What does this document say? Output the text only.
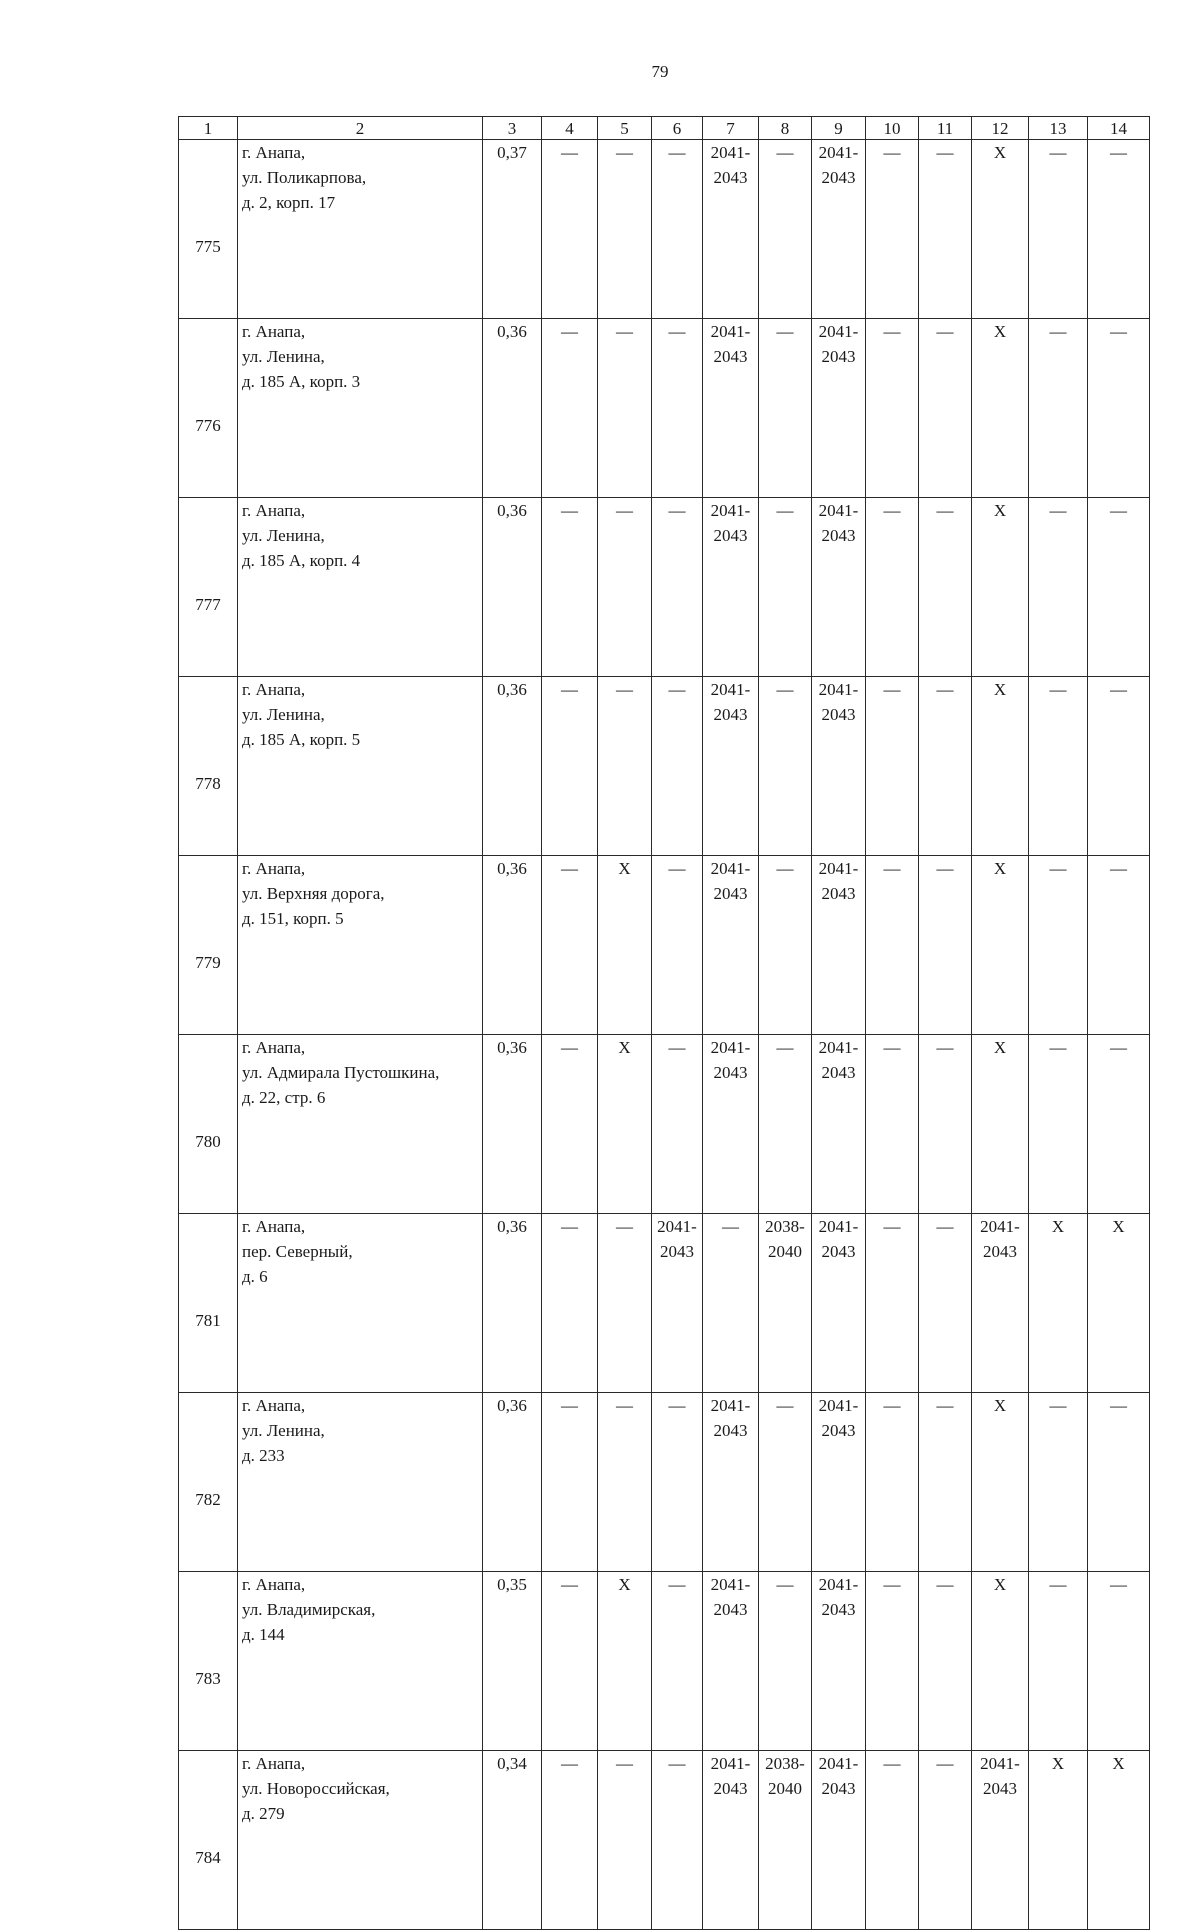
79
1	2	3	4	5	6	7	8	9	10	11	12	13	14
775	г. Анапа,
ул. Поликарпова,
д. 2, корп. 17	0,37	—	—	—	2041-
2043	—	2041-
2043	—	—	Х	—	—

776	г. Анапа,
ул. Ленина,
д. 185 А, корп. 3	0,36	—	—	—	2041-
2043	—	2041-
2043	—	—	Х	—	—

777	г. Анапа,
ул. Ленина,
д. 185 А, корп. 4	0,36	—	—	—	2041-
2043	—	2041-
2043	—	—	Х	—	—

778	г. Анапа,
ул. Ленина,
д. 185 А, корп. 5	0,36	—	—	—	2041-
2043	—	2041-
2043	—	—	Х	—	—

779	г. Анапа,
ул. Верхняя дорога,
д. 151, корп. 5	0,36	—	Х	—	2041-
2043	—	2041-
2043	—	—	Х	—	—

780	г. Анапа,
ул. Адмирала Пустошкина,
д. 22, стр. 6	0,36	—	Х	—	2041-
2043	—	2041-
2043	—	—	Х	—	—

781	г. Анапа,
пер. Северный,
д. 6	0,36	—	—	2041-
2043	—	2038-
2040	2041-
2043	—	—	2041-
2043	Х	Х

782	г. Анапа,
ул. Ленина,
д. 233	0,36	—	—	—	2041-
2043	—	2041-
2043	—	—	Х	—	—

783	г. Анапа,
ул. Владимирская,
д. 144	0,35	—	Х	—	2041-
2043	—	2041-
2043	—	—	Х	—	—

784	г. Анапа,
ул. Новороссийская,
д. 279	0,34	—	—	—	2041-
2043	2038-
2040	2041-
2043	—	—	2041-
2043	Х	Х
